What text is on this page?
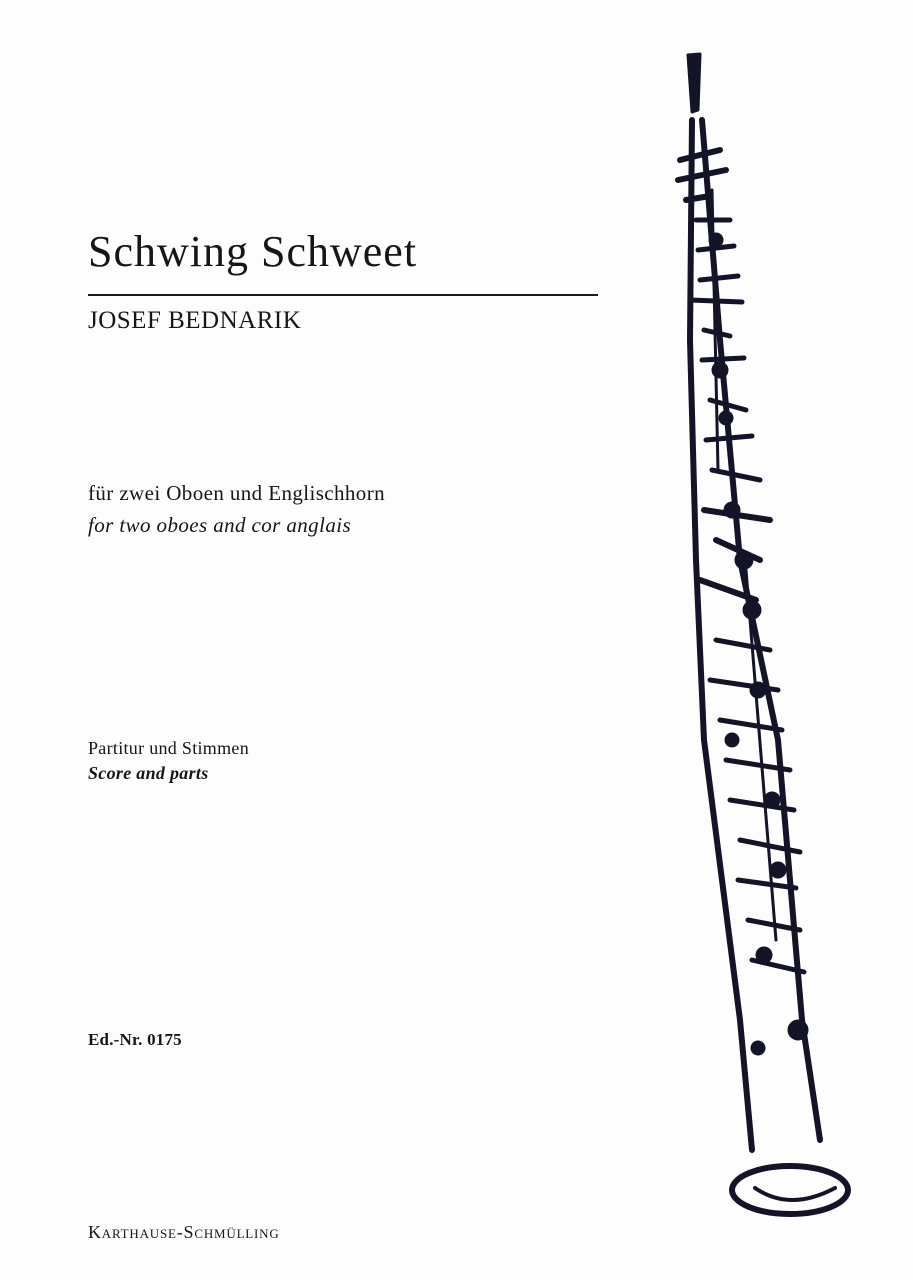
Schwing Schweet

JOSEF BEDNARIK

für zwei Oboen und Englischhorn

for two oboes and cor anglais

Partitur und Stimmen

Score and parts

Ed.-Nr. 0175

Karthause-Schmülling
